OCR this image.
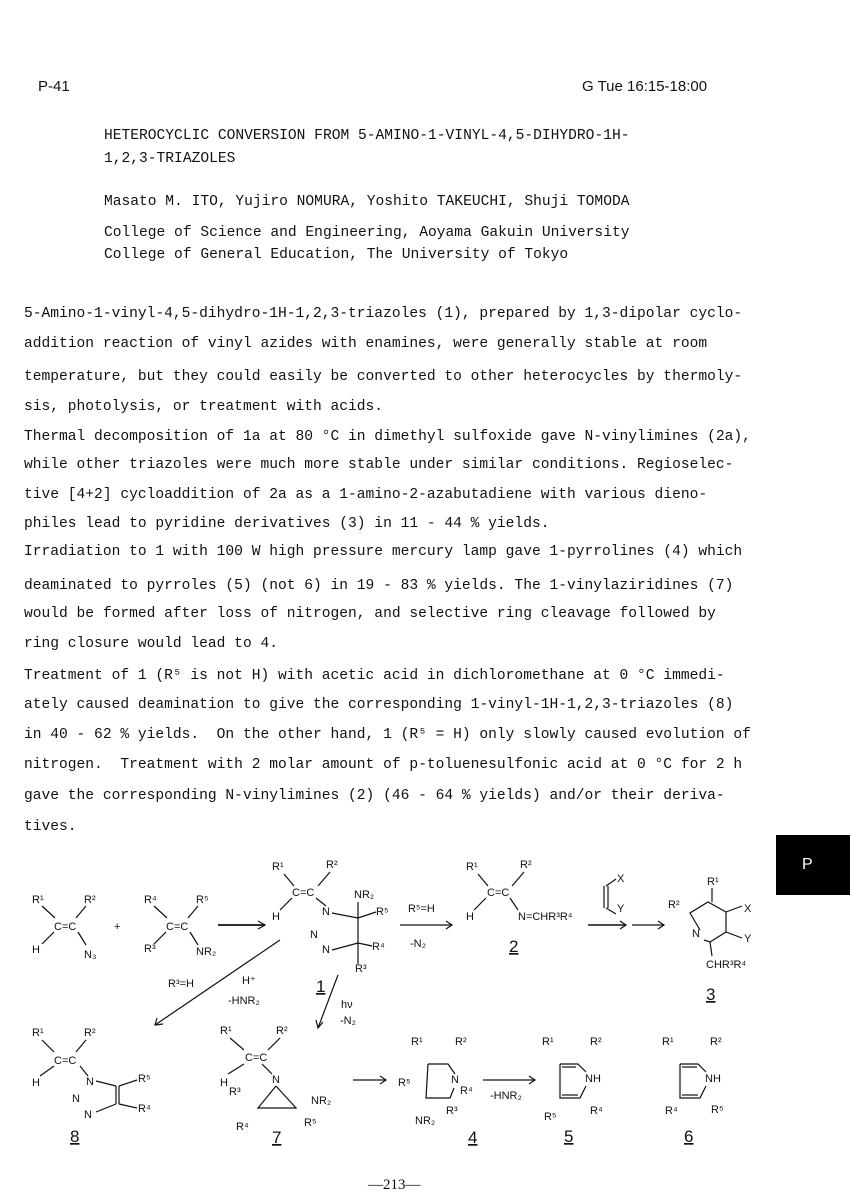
P-41	G Tue 16:15-18:00
HETEROCYCLIC CONVERSION FROM 5-AMINO-1-VINYL-4,5-DIHYDRO-1H-
1,2,3-TRIAZOLES
Masato M. ITO, Yujiro NOMURA, Yoshito TAKEUCHI, Shuji TOMODA
College of Science and Engineering, Aoyama Gakuin University
College of General Education, The University of Tokyo
5-Amino-1-vinyl-4,5-dihydro-1H-1,2,3-triazoles (1), prepared by 1,3-dipolar cyclo-
addition reaction of vinyl azides with enamines, were generally stable at room
temperature, but they could easily be converted to other heterocycles by thermoly-
sis, photolysis, or treatment with acids.
Thermal decomposition of 1a at 80 °C in dimethyl sulfoxide gave N-vinylimines (2a),
while other triazoles were much more stable under similar conditions. Regioselec-
tive [4+2] cycloaddition of 2a as a 1-amino-2-azabutadiene with various dieno-
philes lead to pyridine derivatives (3) in 11 - 44 % yields.
Irradiation to 1 with 100 W high pressure mercury lamp gave 1-pyrrolines (4) which
deaminated to pyrroles (5) (not 6) in 19 - 83 % yields. The 1-vinylaziridines (7)
would be formed after loss of nitrogen, and selective ring cleavage followed by
ring closure would lead to 4.
Treatment of 1 (R⁵ is not H) with acetic acid in dichloromethane at 0 °C immedi-
ately caused deamination to give the corresponding 1-vinyl-1H-1,2,3-triazoles (8)
in 40 - 62 % yields.  On the other hand, 1 (R⁵ = H) only slowly caused evolution of
nitrogen.  Treatment with 2 molar amount of p-toluenesulfonic acid at 0 °C for 2 h
gave the corresponding N-vinylimines (2) (46 - 64 % yields) and/or their deriva-
tives.
P
R¹	R²
C=C
H	N₃
+
R⁴	R⁵
C=C
R³	NR₂
R¹	R²
C=C
H	N
NR₂
R⁵
N
N	R⁴
R³
1
R⁵=H
-N₂
R¹	R²
C=C
H	N=CHR³R⁴
2
X
Y
R¹
R²	X
N	Y
CHR³R⁴
3
R³=H	H⁺
-HNR₂	hν
-N₂
R¹	R²
C=C
H	N	R⁵
N
N	R⁴
8
R¹	R²
C=C
H	N
R³
NR₂
R⁴	R⁵
7
R¹	R²
N
R⁵
R⁴
NR₂
R³
4
-HNR₂
R¹	R²
NH
R⁵	R⁴
5
R¹	R²
NH
R⁴	R⁵
6
—213—
